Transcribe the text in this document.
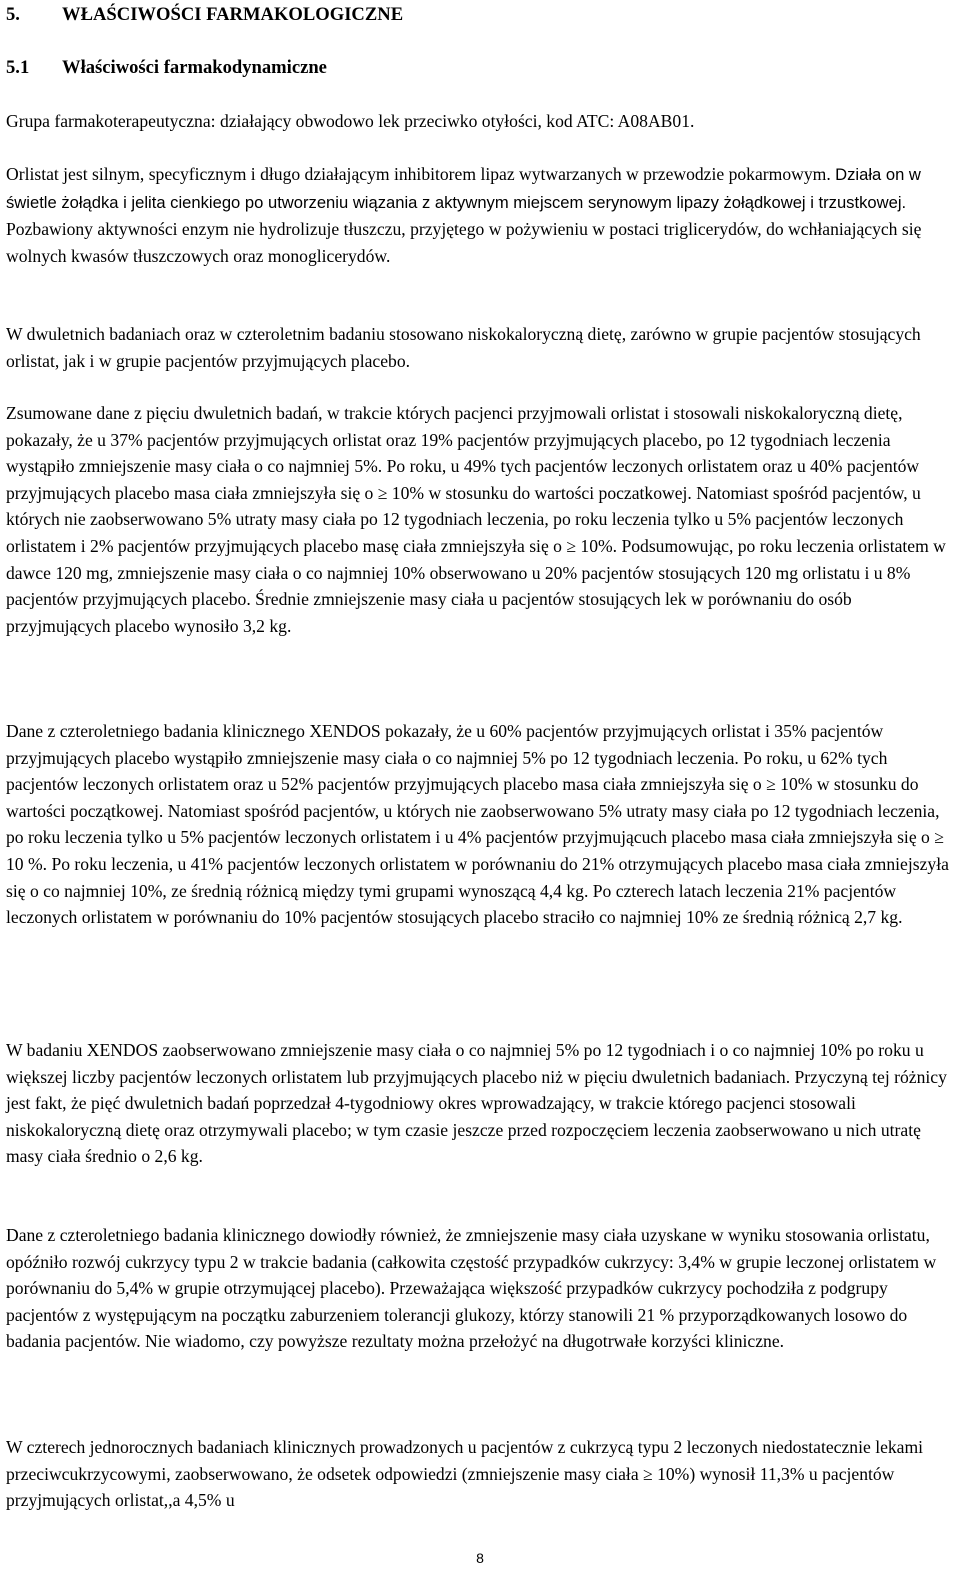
5. WŁAŚCIWOŚCI FARMAKOLOGICZNE
5.1 Właściwości farmakodynamiczne

Grupa farmakoterapeutyczna: działający obwodowo lek przeciwko otyłości, kod ATC: A08AB01.

Orlistat jest silnym, specyficznym i długo działającym inhibitorem lipaz wytwarzanych w przewodzie pokarmowym. Działa on w świetle żołądka i jelita cienkiego po utworzeniu wiązania z aktywnym miejscem serynowym lipazy żołądkowej i trzustkowej. Pozbawiony aktywności enzym nie hydrolizuje tłuszczu, przyjętego w pożywieniu w postaci triglicerydów, do wchłaniających się wolnych kwasów tłuszczowych oraz monoglicerydów.

W dwuletnich badaniach oraz w czteroletnim badaniu stosowano niskokaloryczną dietę, zarówno w grupie pacjentów stosujących orlistat, jak i w grupie pacjentów przyjmujących placebo.

Zsumowane dane z pięciu dwuletnich badań, w trakcie których pacjenci przyjmowali orlistat i stosowali niskokaloryczną dietę, pokazały, że u 37% pacjentów przyjmujących orlistat oraz 19% pacjentów przyjmujących placebo, po 12 tygodniach leczenia wystąpiło zmniejszenie masy ciała o co najmniej 5%. Po roku, u 49% tych pacjentów leczonych orlistatem oraz u 40% pacjentów przyjmujących placebo masa ciała zmniejszyła się o ≥ 10% w stosunku do wartości poczatkowej. Natomiast spośród pacjentów, u których nie zaobserwowano 5% utraty masy ciała po 12 tygodniach leczenia, po roku leczenia tylko u 5% pacjentów leczonych orlistatem i 2% pacjentów przyjmujących placebo masę ciała zmniejszyła się o ≥ 10%. Podsumowując, po roku leczenia orlistatem w dawce 120 mg, zmniejszenie masy ciała o co najmniej 10% obserwowano u 20% pacjentów stosujących 120 mg orlistatu i u 8% pacjentów przyjmujących placebo. Średnie zmniejszenie masy ciała u pacjentów stosujących lek w porównaniu do osób przyjmujących placebo wynosiło 3,2 kg.

Dane z czteroletniego badania klinicznego XENDOS pokazały, że u 60% pacjentów przyjmujących orlistat i 35% pacjentów przyjmujących placebo wystąpiło zmniejszenie masy ciała o co najmniej 5% po 12 tygodniach leczenia. Po roku, u 62% tych pacjentów leczonych orlistatem oraz u 52% pacjentów przyjmujących placebo masa ciała zmniejszyła się o ≥ 10% w stosunku do wartości początkowej. Natomiast spośród pacjentów, u których nie zaobserwowano 5% utraty masy ciała po 12 tygodniach leczenia, po roku leczenia tylko u 5% pacjentów leczonych orlistatem i u 4% pacjentów przyjmującuch placebo masa ciała zmniejszyła się o ≥ 10 %. Po roku leczenia, u 41% pacjentów leczonych orlistatem w porównaniu do 21% otrzymujących placebo masa ciała zmniejszyła się o co najmniej 10%, ze średnią różnicą między tymi grupami wynoszącą 4,4 kg. Po czterech latach leczenia 21% pacjentów leczonych orlistatem w porównaniu do 10% pacjentów stosujących placebo straciło co najmniej 10% ze średnią różnicą 2,7 kg.

W badaniu XENDOS zaobserwowano zmniejszenie masy ciała o co najmniej 5% po 12 tygodniach i o co najmniej 10% po roku u większej liczby pacjentów leczonych orlistatem lub przyjmujących placebo niż w pięciu dwuletnich badaniach. Przyczyną tej różnicy jest fakt, że pięć dwuletnich badań poprzedzał 4-tygodniowy okres wprowadzający, w trakcie którego pacjenci stosowali niskokaloryczną dietę oraz otrzymywali placebo; w tym czasie jeszcze przed rozpoczęciem leczenia zaobserwowano u nich utratę masy ciała średnio o 2,6 kg.

Dane z czteroletniego badania klinicznego dowiodły również, że zmniejszenie masy ciała uzyskane w wyniku stosowania orlistatu, opóźniło rozwój cukrzycy typu 2 w trakcie badania (całkowita częstość przypadków cukrzycy: 3,4% w grupie leczonej orlistatem w porównaniu do 5,4% w grupie otrzymującej placebo). Przeważająca większość przypadków cukrzycy pochodziła z podgrupy pacjentów z występującym na początku zaburzeniem tolerancji glukozy, którzy stanowili 21 % przyporządkowanych losowo do badania pacjentów. Nie wiadomo, czy powyższe rezultaty można przełożyć na długotrwałe korzyści kliniczne.

W czterech jednorocznych badaniach klinicznych prowadzonych u pacjentów z cukrzycą typu 2 leczonych niedostatecznie lekami przeciwcukrzycowymi, zaobserwowano, że odsetek odpowiedzi (zmniejszenie masy ciała ≥ 10%) wynosił 11,3% u pacjentów przyjmujących orlistat,,a 4,5% u

8
